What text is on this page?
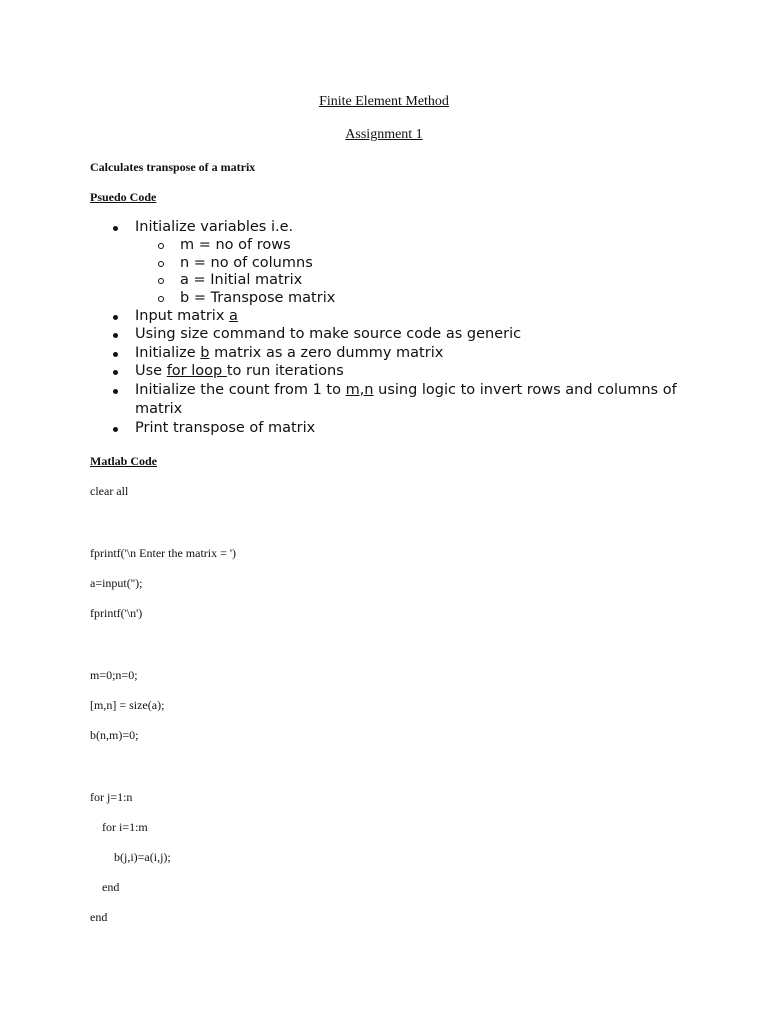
Finite Element Method
Assignment 1
Calculates transpose of a matrix
Psuedo Code
Initialize variables i.e.
m = no of rows
n = no of columns
a = Initial matrix
b = Transpose matrix
Input matrix a
Using size command to make source code as generic
Initialize b matrix as a zero dummy matrix
Use for loop to run iterations
Initialize the count from 1 to m,n using logic to invert rows and columns of
matrix
Print transpose of matrix
Matlab Code
clear all
fprintf('\n Enter the matrix = ')
a=input('');
fprintf('\n')
m=0;n=0;
[m,n] = size(a);
b(n,m)=0;
for j=1:n
for i=1:m
b(j,i)=a(i,j);
end
end
